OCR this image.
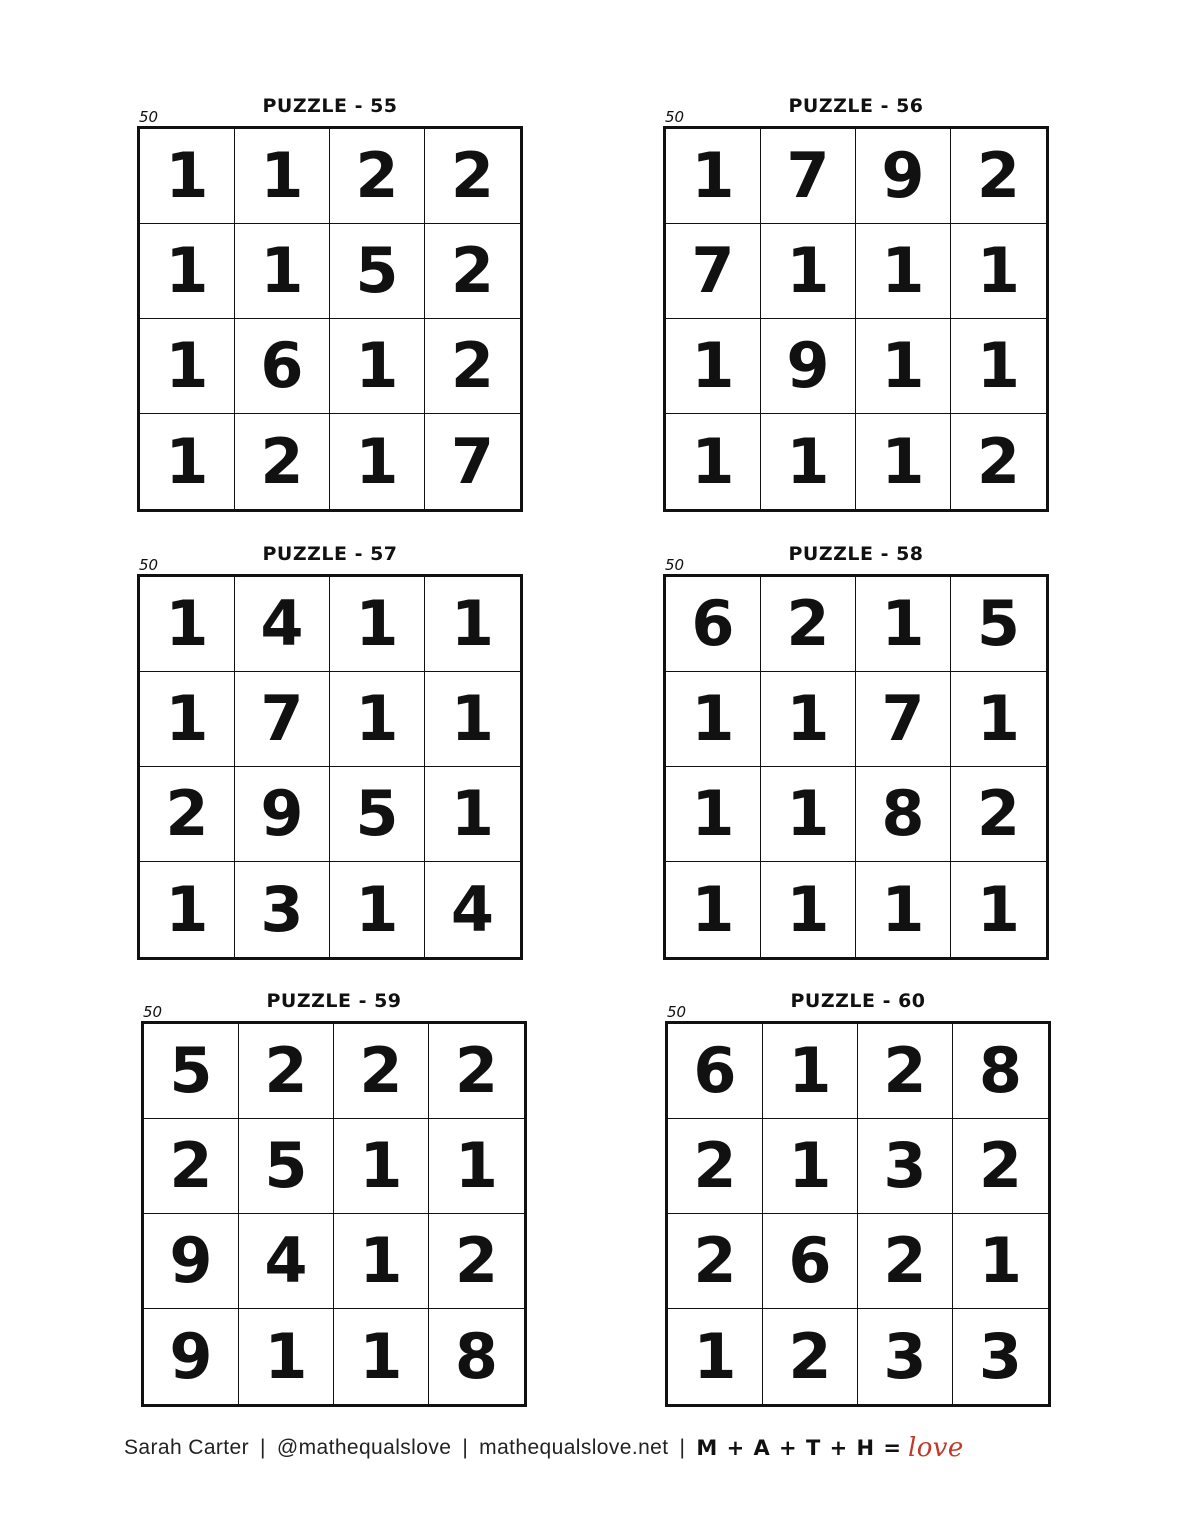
PUZZLE - 55
50
1 1 2 2
1 1 5 2
1 6 1 2
1 2 1 7
PUZZLE - 56
50
1 7 9 2
7 1 1 1
1 9 1 1
1 1 1 2
PUZZLE - 57
50
1 4 1 1
1 7 1 1
2 9 5 1
1 3 1 4
PUZZLE - 58
50
6 2 1 5
1 1 7 1
1 1 8 2
1 1 1 1
PUZZLE - 59
50
5 2 2 2
2 5 1 1
9 4 1 2
9 1 1 8
PUZZLE - 60
50
6 1 2 8
2 1 3 2
2 6 2 1
1 2 3 3
Sarah Carter | @mathequalslove | mathequalslove.net | M + A + T + H = love
